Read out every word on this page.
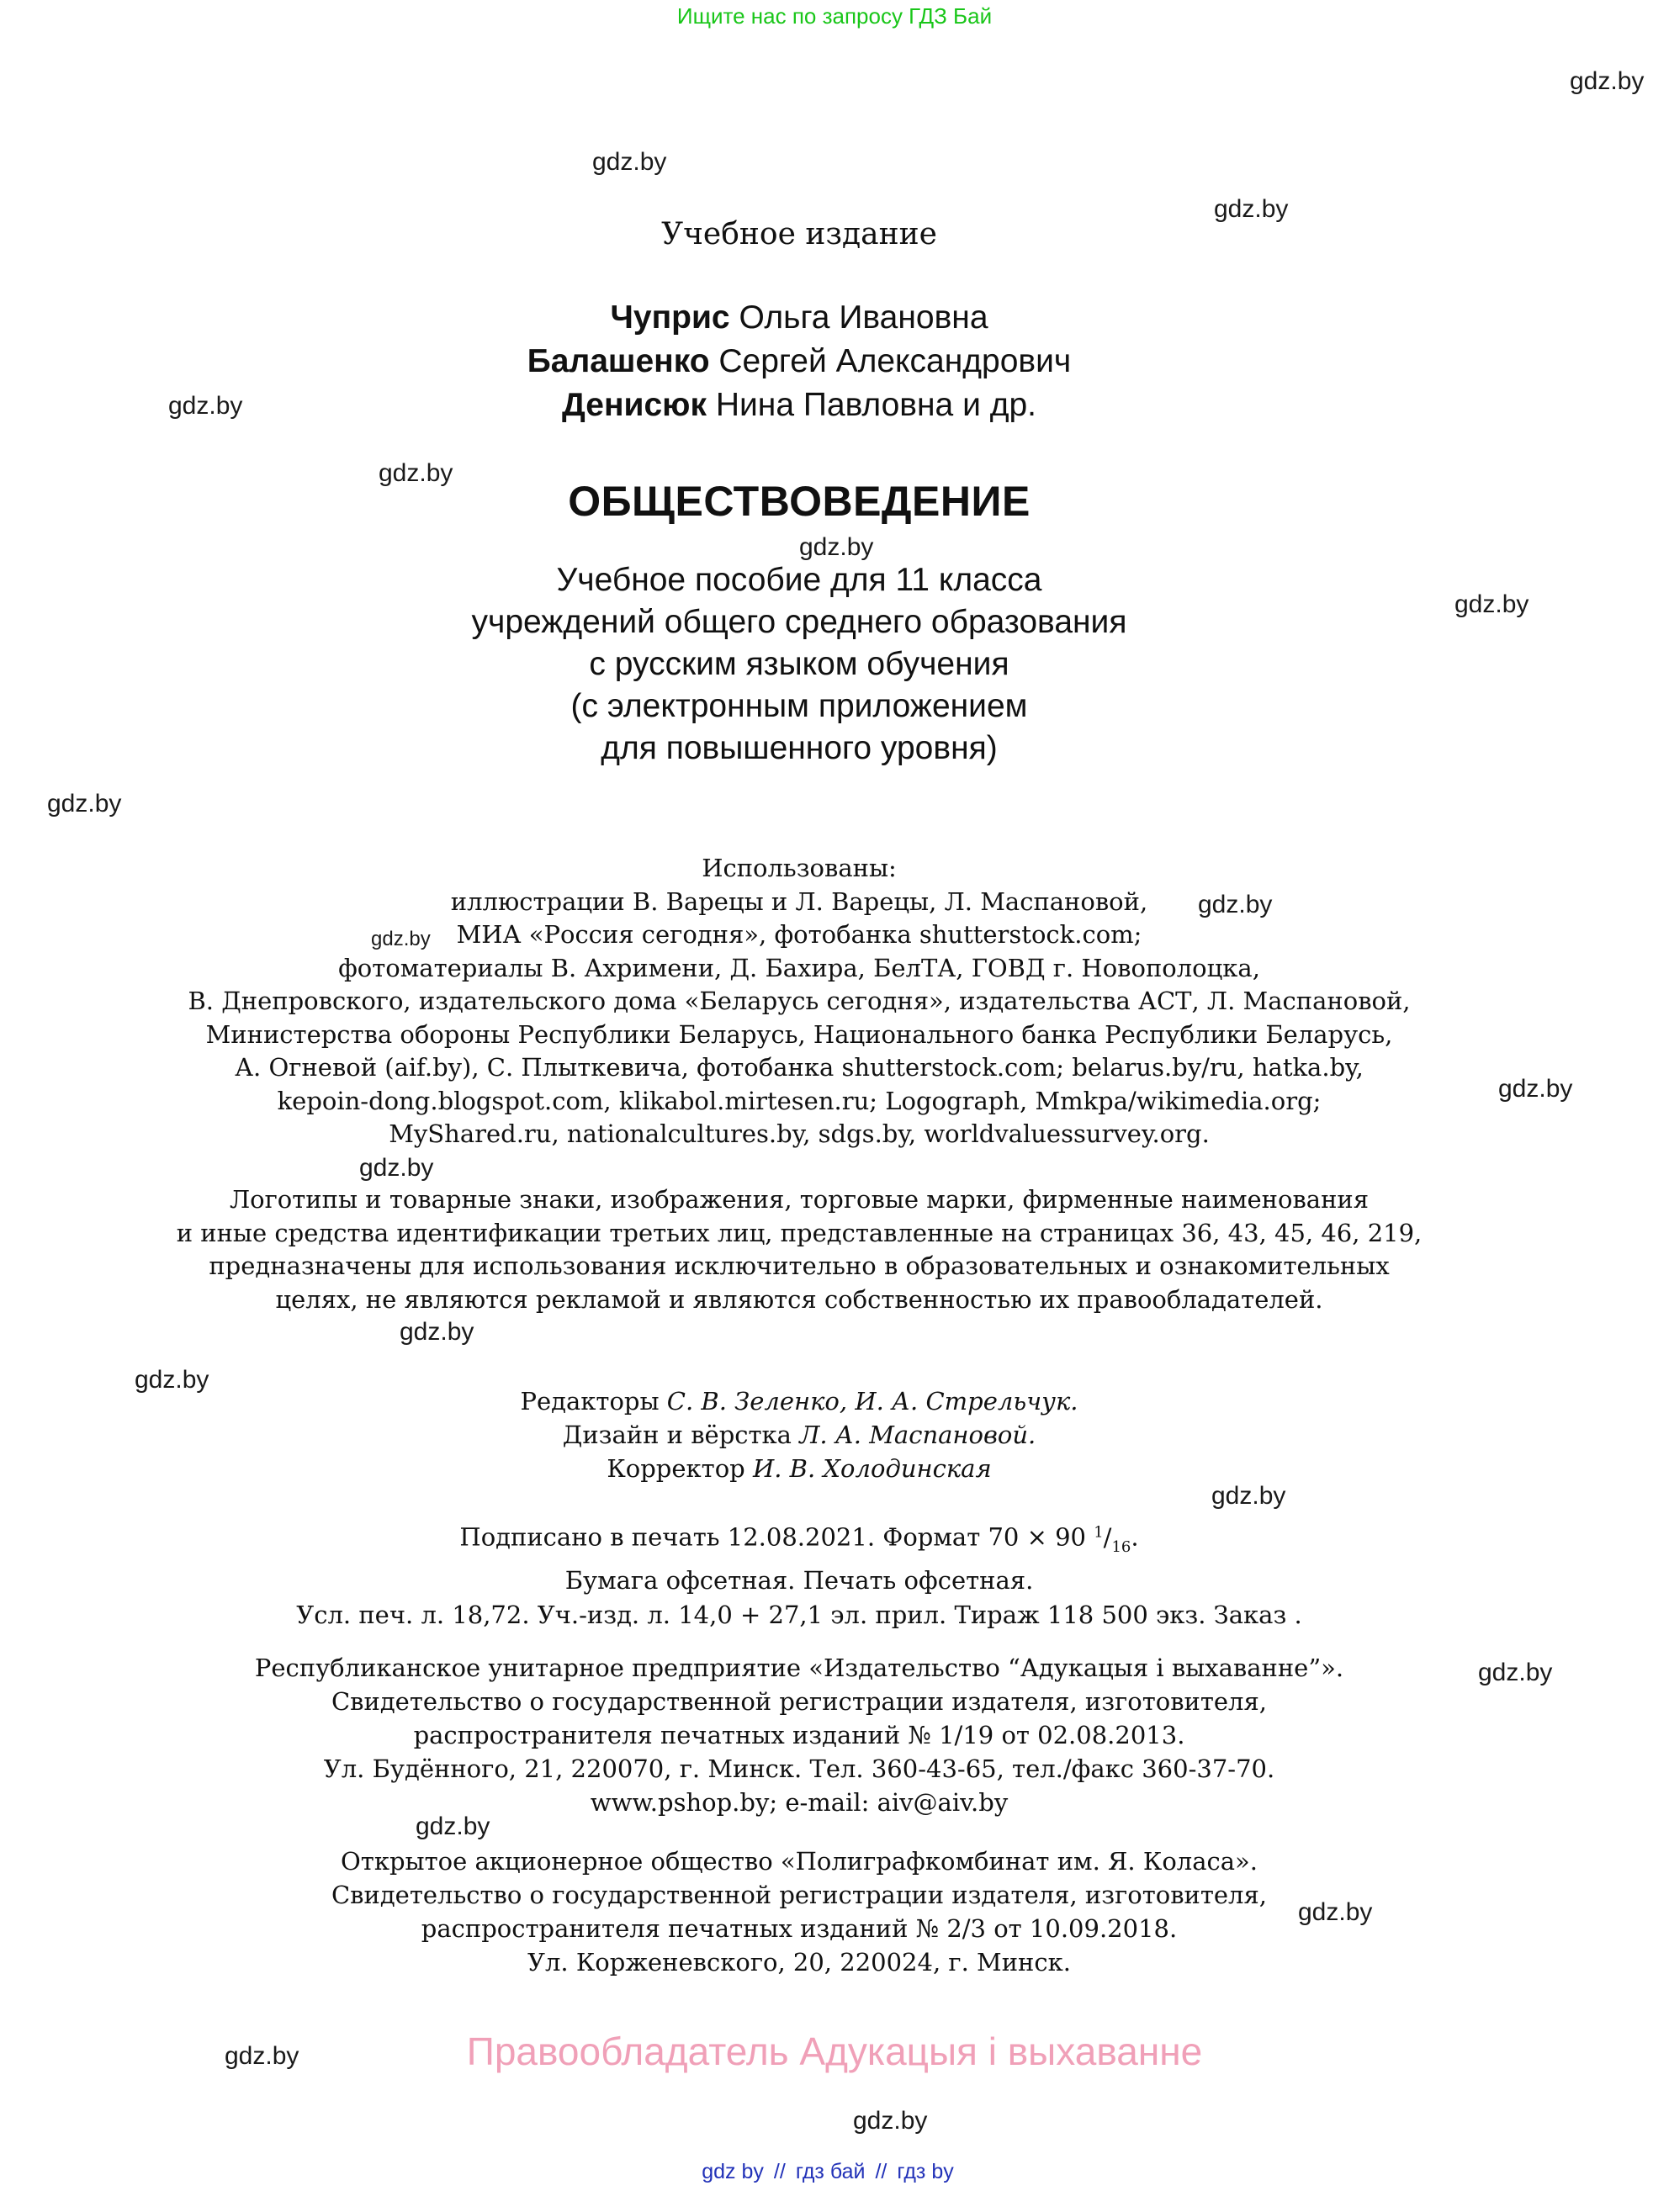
Ищите нас по запросу ГДЗ Бай
gdz.by
gdz.by
gdz.by
gdz.by
gdz.by
gdz.by
gdz.by
gdz.by
gdz.by
gdz.by
gdz.by
gdz.by
gdz.by
gdz.by
gdz.by
gdz.by
gdz.by
gdz.by
gdz.by
gdz.by
Учебное издание
Чуприс Ольга Ивановна
Балашенко Сергей Александрович
Денисюк Нина Павловна и др.
ОБЩЕСТВОВЕДЕНИЕ
Учебное пособие для 11 класса
учреждений общего среднего образования
с русским языком обучения
(с электронным приложением
для повышенного уровня)
Использованы:
иллюстрации В. Варецы и Л. Варецы, Л. Маспановой,
МИА «Россия сегодня», фотобанка shutterstock.com;
фотоматериалы В. Ахримени, Д. Бахира, БелТА, ГОВД г. Новополоцка,
В. Днепровского, издательского дома «Беларусь сегодня», издательства АСТ, Л. Маспановой,
Министерства обороны Республики Беларусь, Национального банка Республики Беларусь,
А. Огневой (aif.by), С. Плыткевича, фотобанка shutterstock.com; belarus.by/ru, hatka.by,
kepoin-dong.blogspot.com, klikabol.mirtesen.ru; Logograph, Mmkpa/wikimedia.org;
MyShared.ru, nationalcultures.by, sdgs.by, worldvaluessurvey.org.
Логотипы и товарные знаки, изображения, торговые марки, фирменные наименования
и иные средства идентификации третьих лиц, представленные на страницах 36, 43, 45, 46, 219,
предназначены для использования исключительно в образовательных и ознакомительных
целях, не являются рекламой и являются собственностью их правообладателей.
Редакторы С. В. Зеленко, И. А. Стрельчук.
Дизайн и вёрстка Л. А. Маспановой.
Корректор И. В. Холодинская
Подписано в печать 12.08.2021. Формат 70 × 90 $^1/_{16}$.
Бумага офсетная. Печать офсетная.
Усл. печ. л. 18,72. Уч.-изд. л. 14,0 + 27,1 эл. прил. Тираж 118 500 экз. Заказ .
Республиканское унитарное предприятие «Издательство “Адукацыя і выхаванне”».
Свидетельство о государственной регистрации издателя, изготовителя,
распространителя печатных изданий № 1/19 от 02.08.2013.
Ул. Будённого, 21, 220070, г. Минск. Тел. 360-43-65, тел./факс 360-37-70.
www.pshop.by; e-mail: aiv@aiv.by
Открытое акционерное общество «Полиграфкомбинат им. Я. Коласа».
Свидетельство о государственной регистрации издателя, изготовителя,
распространителя печатных изданий № 2/3 от 10.09.2018.
Ул. Корженевского, 20, 220024, г. Минск.
Правообладатель Адукацыя і выхаванне
gdz by // гдз бай // гдз by
